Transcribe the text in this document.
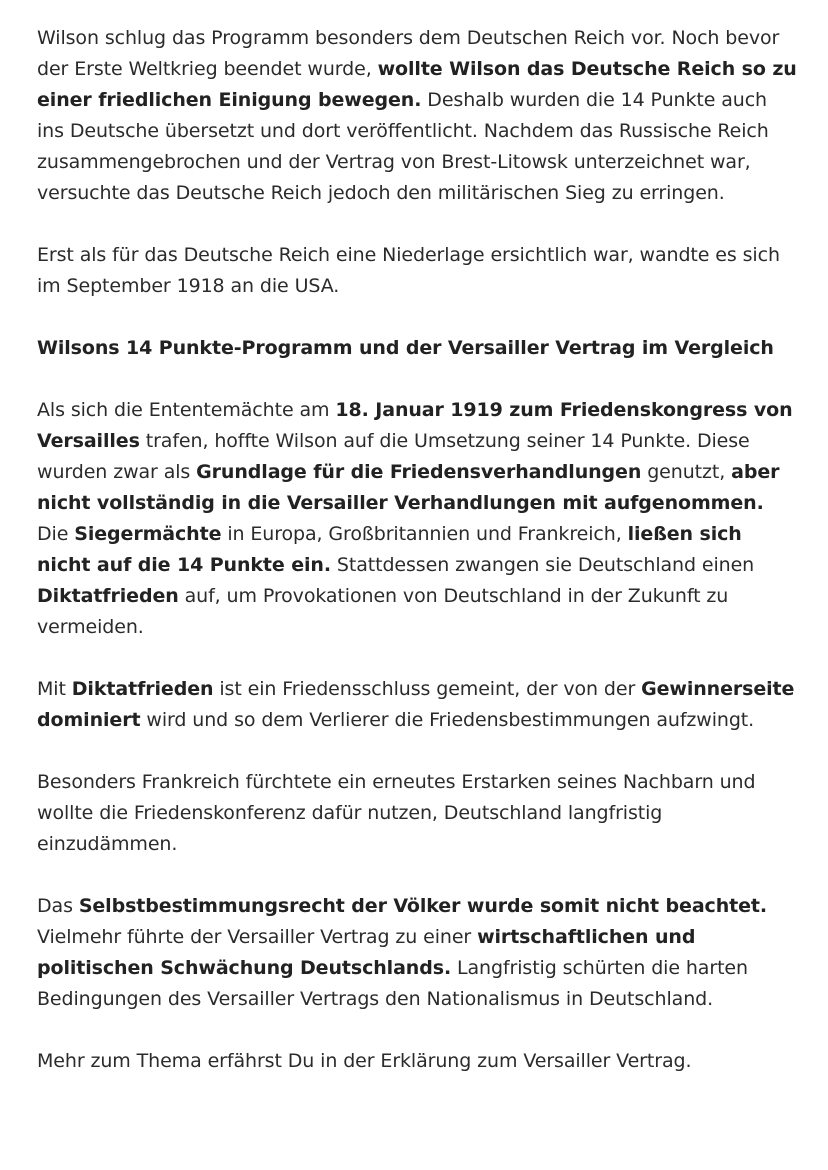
Wilson schlug das Programm besonders dem Deutschen Reich vor. Noch bevor der Erste Weltkrieg beendet wurde, wollte Wilson das Deutsche Reich so zu einer friedlichen Einigung bewegen. Deshalb wurden die 14 Punkte auch ins Deutsche übersetzt und dort veröffentlicht. Nachdem das Russische Reich zusammengebrochen und der Vertrag von Brest-Litowsk unterzeichnet war, versuchte das Deutsche Reich jedoch den militärischen Sieg zu erringen.

Erst als für das Deutsche Reich eine Niederlage ersichtlich war, wandte es sich im September 1918 an die USA.

Wilsons 14 Punkte-Programm und der Versailler Vertrag im Vergleich

Als sich die Ententemächte am 18. Januar 1919 zum Friedenskongress von Versailles trafen, hoffte Wilson auf die Umsetzung seiner 14 Punkte. Diese wurden zwar als Grundlage für die Friedensverhandlungen genutzt, aber nicht vollständig in die Versailler Verhandlungen mit aufgenommen. Die Siegermächte in Europa, Großbritannien und Frankreich, ließen sich nicht auf die 14 Punkte ein. Stattdessen zwangen sie Deutschland einen Diktatfrieden auf, um Provokationen von Deutschland in der Zukunft zu vermeiden.

Mit Diktatfrieden ist ein Friedensschluss gemeint, der von der Gewinnerseite dominiert wird und so dem Verlierer die Friedensbestimmungen aufzwingt.

Besonders Frankreich fürchtete ein erneutes Erstarken seines Nachbarn und wollte die Friedenskonferenz dafür nutzen, Deutschland langfristig einzudämmen.

Das Selbstbestimmungsrecht der Völker wurde somit nicht beachtet. Vielmehr führte der Versailler Vertrag zu einer wirtschaftlichen und politischen Schwächung Deutschlands. Langfristig schürten die harten Bedingungen des Versailler Vertrags den Nationalismus in Deutschland.

Mehr zum Thema erfährst Du in der Erklärung zum Versailler Vertrag.
